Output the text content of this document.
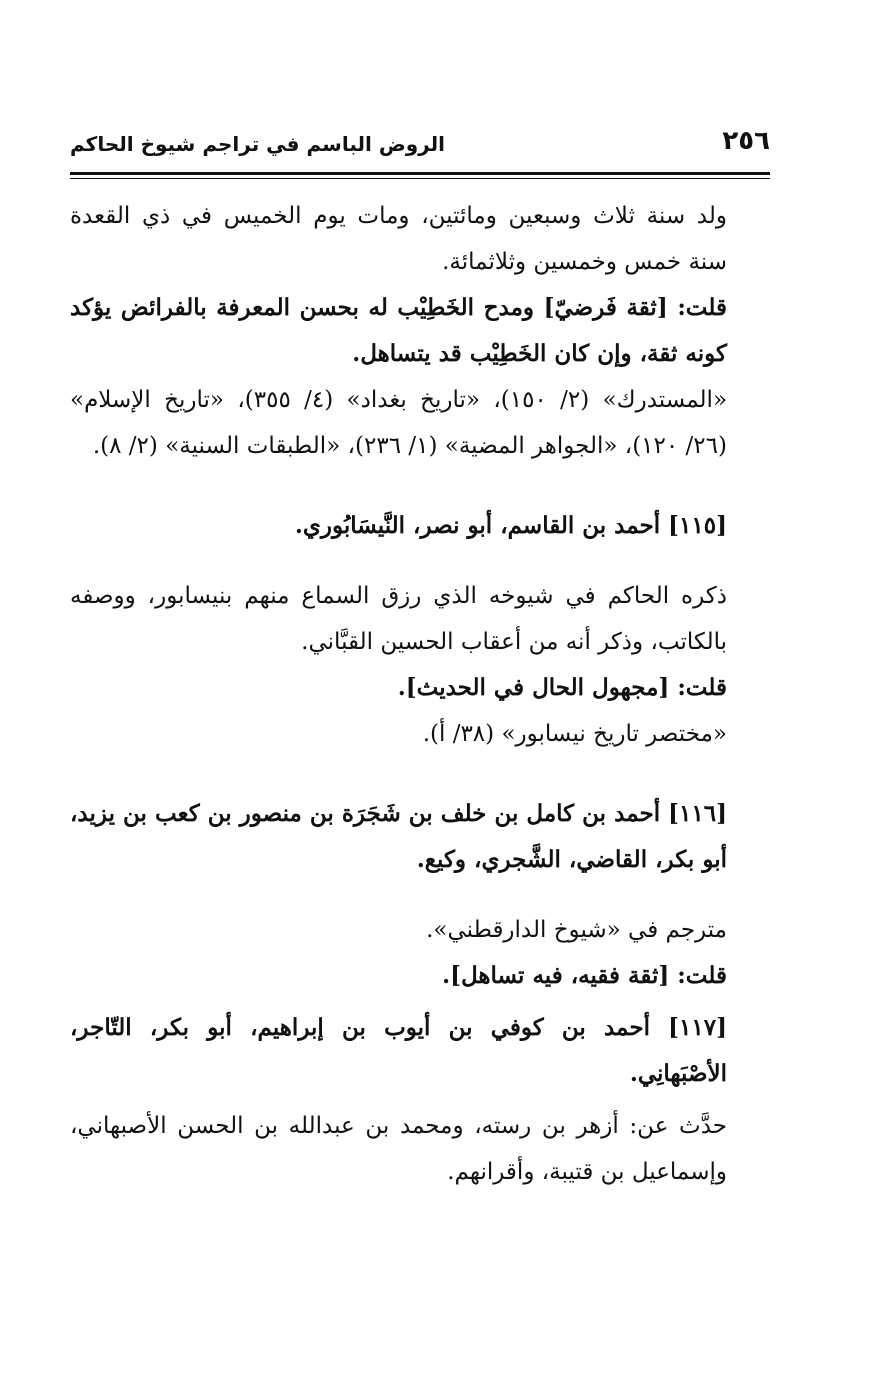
٢٥٦
الروض الباسم في تراجم شيوخ الحاكم

ولد سنة ثلاث وسبعين ومائتين، ومات يوم الخميس في ذي القعدة سنة خمس وخمسين وثلاثمائة.

قلت: [ثقة فَرضيّ] ومدح الخَطِيْب له بحسن المعرفة بالفرائض يؤكد كونه ثقة، وإن كان الخَطِيْب قد يتساهل.

«المستدرك» (٢/ ١٥٠)، «تاريخ بغداد» (٤/ ٣٥٥)، «تاريخ الإسلام» (٢٦/ ١٢٠)، «الجواهر المضية» (١/ ٢٣٦)، «الطبقات السنية» (٢/ ٨).

[١١٥] أحمد بن القاسم، أبو نصر، النَّيسَابُوري.

ذكره الحاكم في شيوخه الذي رزق السماع منهم بنيسابور، ووصفه بالكاتب، وذكر أنه من أعقاب الحسين القبَّاني.

قلت: [مجهول الحال في الحديث].

«مختصر تاريخ نيسابور» (٣٨/ أ).

[١١٦] أحمد بن كامل بن خلف بن شَجَرَة بن منصور بن كعب بن يزيد، أبو بكر، القاضي، الشَّجري، وكيع.

مترجم في «شيوخ الدارقطني».

قلت: [ثقة فقيه، فيه تساهل].

[١١٧] أحمد بن كوفي بن أيوب بن إبراهيم، أبو بكر، التّاجر، الأصْبَهانِي.

حدَّث عن: أزهر بن رسته، ومحمد بن عبدالله بن الحسن الأصبهاني، وإسماعيل بن قتيبة، وأقرانهم.
